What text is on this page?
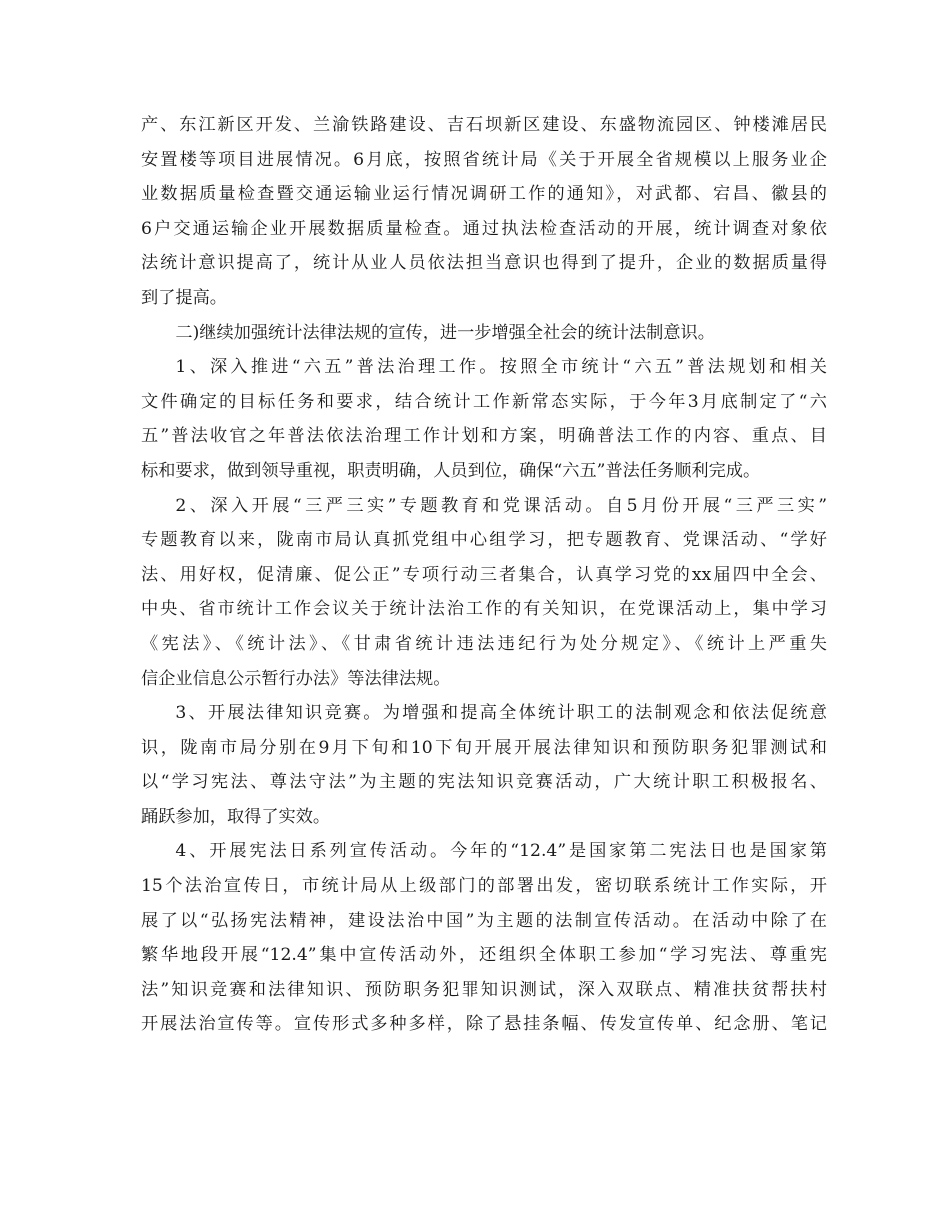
产、东江新区开发、兰渝铁路建设、吉石坝新区建设、东盛物流园区、钟楼滩居民
安置楼等项目进展情况。6月底，按照省统计局《关于开展全省规模以上服务业企
业数据质量检查暨交通运输业运行情况调研工作的通知》，对武都、宕昌、徽县的
6户交通运输企业开展数据质量检查。通过执法检查活动的开展，统计调查对象依
法统计意识提高了，统计从业人员依法担当意识也得到了提升，企业的数据质量得
到了提高。

二)继续加强统计法律法规的宣传，进一步增强全社会的统计法制意识。

1、深入推进“六五”普法治理工作。按照全市统计“六五”普法规划和相关
文件确定的目标任务和要求，结合统计工作新常态实际，于今年3月底制定了“六
五”普法收官之年普法依法治理工作计划和方案，明确普法工作的内容、重点、目
标和要求，做到领导重视，职责明确，人员到位，确保“六五”普法任务顺利完成。

2、深入开展“三严三实”专题教育和党课活动。自5月份开展“三严三实”
专题教育以来，陇南市局认真抓党组中心组学习，把专题教育、党课活动、“学好
法、用好权，促清廉、促公正”专项行动三者集合，认真学习党的xx届四中全会、
中央、省市统计工作会议关于统计法治工作的有关知识，在党课活动上，集中学习
《宪法》、《统计法》、《甘肃省统计违法违纪行为处分规定》、《统计上严重失
信企业信息公示暂行办法》等法律法规。

3、开展法律知识竞赛。为增强和提高全体统计职工的法制观念和依法促统意
识，陇南市局分别在9月下旬和10下旬开展开展法律知识和预防职务犯罪测试和
以“学习宪法、尊法守法”为主题的宪法知识竞赛活动，广大统计职工积极报名、
踊跃参加，取得了实效。

4、开展宪法日系列宣传活动。今年的“12.4”是国家第二宪法日也是国家第
15个法治宣传日，市统计局从上级部门的部署出发，密切联系统计工作实际，开
展了以“弘扬宪法精神，建设法治中国”为主题的法制宣传活动。在活动中除了在
繁华地段开展“12.4”集中宣传活动外，还组织全体职工参加“学习宪法、尊重宪
法”知识竞赛和法律知识、预防职务犯罪知识测试，深入双联点、精准扶贫帮扶村
开展法治宣传等。宣传形式多种多样，除了悬挂条幅、传发宣传单、纪念册、笔记
